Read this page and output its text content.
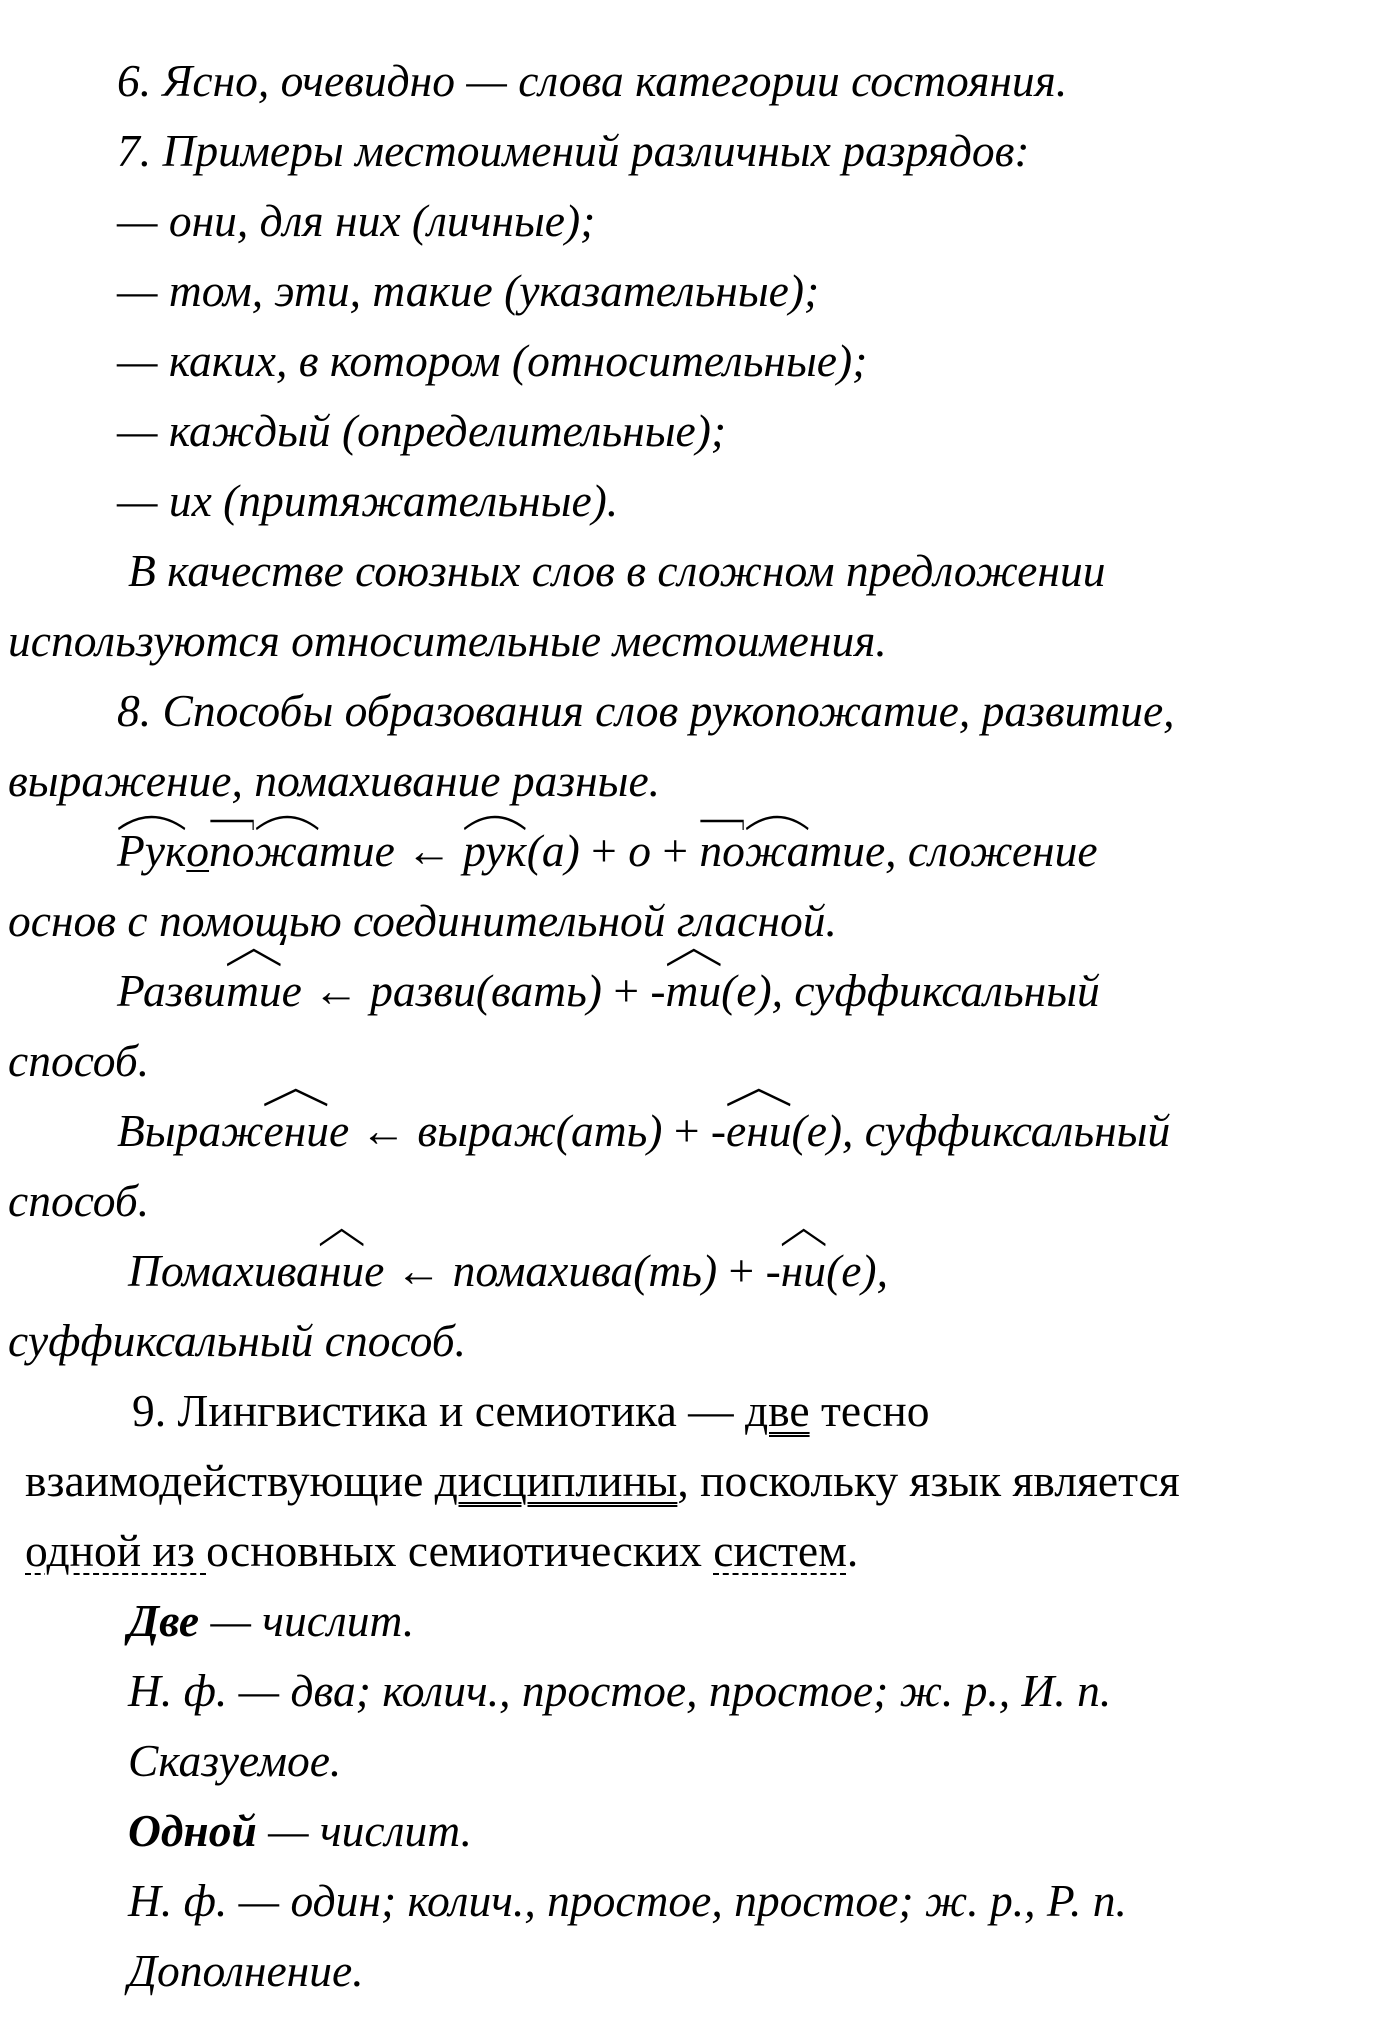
6. Ясно, очевидно — слова категории состояния.
7. Примеры местоимений различных разрядов:
— они, для них (личные);
— том, эти, такие (указательные);
— каких, в котором (относительные);
— каждый (определительные);
— их (притяжательные).
В качестве союзных слов в сложном предложении
используются относительные местоимения.
8. Способы образования слов рукопожатие, развитие,
выражение, помахивание разные.
Руко
по
жатие ←
рук(а) + о +
по
жатие, сложение
основ с помощью соединительной гласной.
Разви
тие ← разви(вать) + -
ти(е), суффиксальный
способ.
Выраж
ение ← выраж(ать) + -
ени(е), суффиксальный
способ.
Помахива
ние ← помахива(ть) + -
ни(е),
суффиксальный способ.
9. Лингвистика и семиотика — две тесно
взаимодействующие дисциплины, поскольку язык является
одной из основных семиотических систем.
Две — числит.
Н. ф. — два; колич., простое, простое; ж. р., И. п.
Сказуемое.
Одной — числит.
Н. ф. — один; колич., простое, простое; ж. р., Р. п.
Дополнение.
